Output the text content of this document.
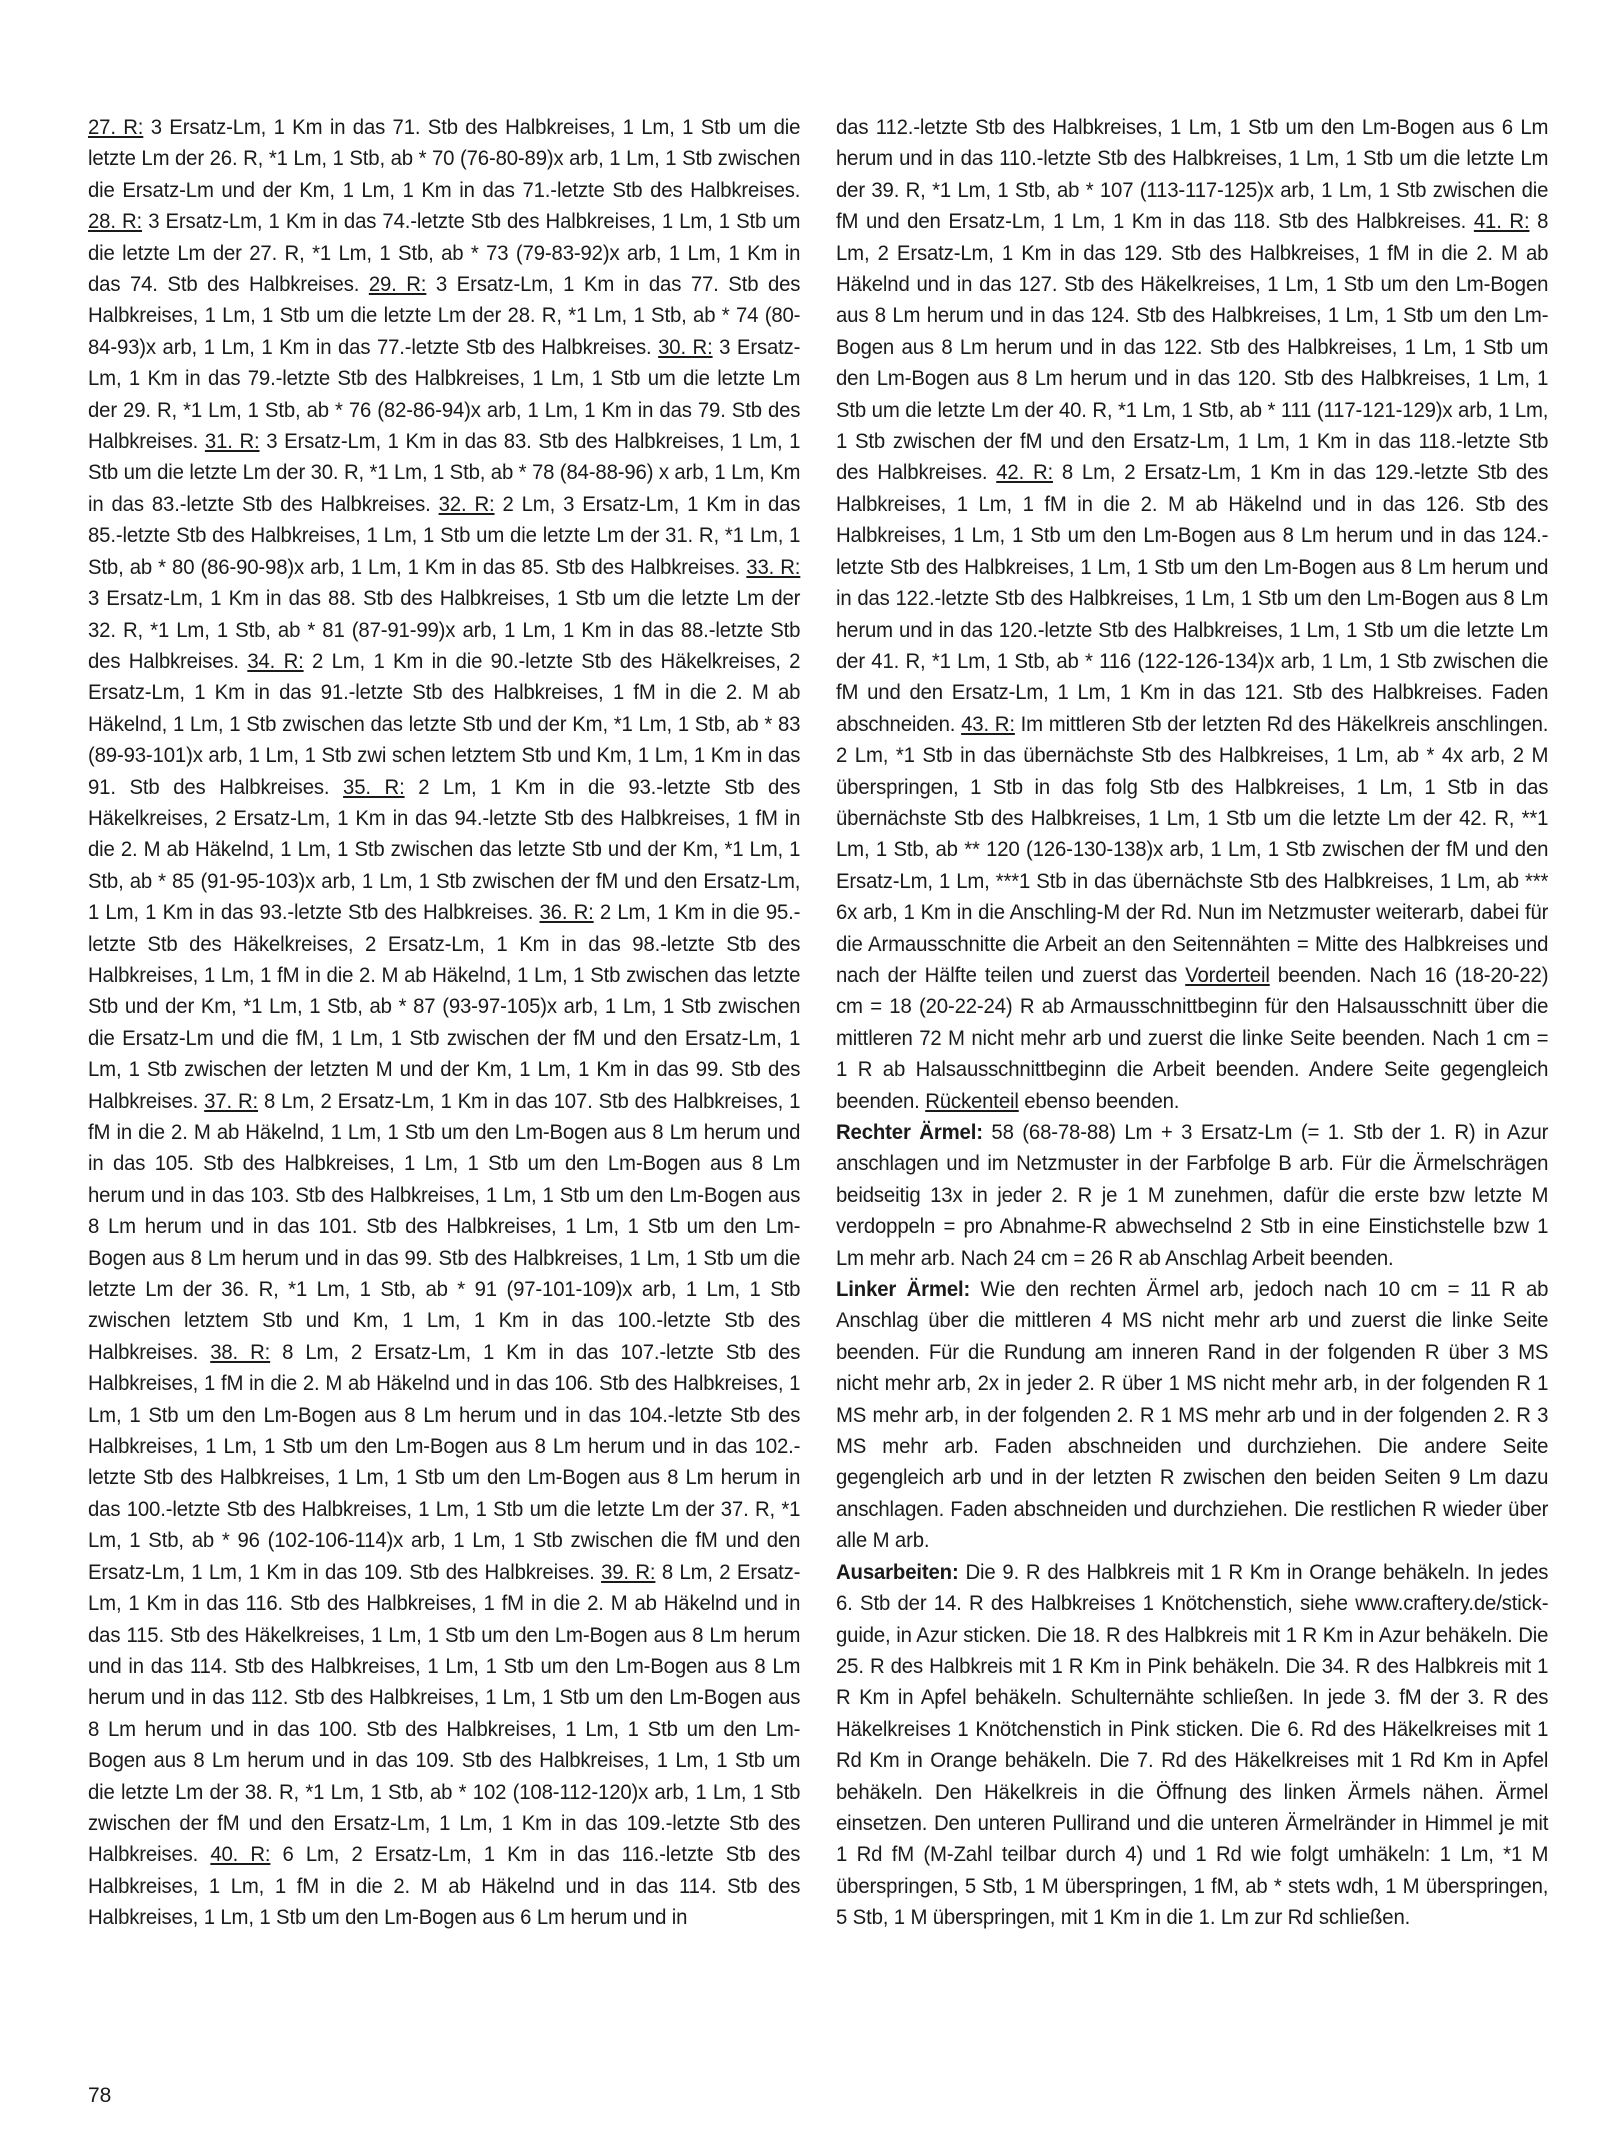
27. R: 3 Ersatz-Lm, 1 Km in das 71. Stb des Halbkreises, 1 Lm, 1 Stb um die letzte Lm der 26. R, *1 Lm, 1 Stb, ab * 70 (76-80-89)x arb, 1 Lm, 1 Stb zwischen die Ersatz-Lm und der Km, 1 Lm, 1 Km in das 71.-letzte Stb des Halbkreises. 28. R: 3 Ersatz-Lm, 1 Km in das 74.-letzte Stb des Halbkreises, 1 Lm, 1 Stb um die letzte Lm der 27. R, *1 Lm, 1 Stb, ab * 73 (79-83-92)x arb, 1 Lm, 1 Km in das 74. Stb des Halbkreises. 29. R: 3 Ersatz-Lm, 1 Km in das 77. Stb des Halbkreises, 1 Lm, 1 Stb um die letzte Lm der 28. R, *1 Lm, 1 Stb, ab * 74 (80-84-93)x arb, 1 Lm, 1 Km in das 77.-letzte Stb des Halbkreises. 30. R: 3 Ersatz-Lm, 1 Km in das 79.-letzte Stb des Halbkreises, 1 Lm, 1 Stb um die letzte Lm der 29. R, *1 Lm, 1 Stb, ab * 76 (82-86-94)x arb, 1 Lm, 1 Km in das 79. Stb des Halbkreises. 31. R: 3 Ersatz-Lm, 1 Km in das 83. Stb des Halbkreises, 1 Lm, 1 Stb um die letzte Lm der 30. R, *1 Lm, 1 Stb, ab * 78 (84-88-96) x arb, 1 Lm, Km in das 83.-letzte Stb des Halbkreises. 32. R: 2 Lm, 3 Ersatz-Lm, 1 Km in das 85.-letzte Stb des Halbkreises, 1 Lm, 1 Stb um die letzte Lm der 31. R, *1 Lm, 1 Stb, ab * 80 (86-90-98)x arb, 1 Lm, 1 Km in das 85. Stb des Halbkreises. 33. R: 3 Ersatz-Lm, 1 Km in das 88. Stb des Halbkreises, 1 Stb um die letzte Lm der 32. R, *1 Lm, 1 Stb, ab * 81 (87-91-99)x arb, 1 Lm, 1 Km in das 88.-letzte Stb des Halbkreises. 34. R: 2 Lm, 1 Km in die 90.-letzte Stb des Häkelkreises, 2 Ersatz-Lm, 1 Km in das 91.-letzte Stb des Halbkreises, 1 fM in die 2. M ab Häkelnd, 1 Lm, 1 Stb zwischen das letzte Stb und der Km, *1 Lm, 1 Stb, ab * 83 (89-93-101)x arb, 1 Lm, 1 Stb zwi schen letztem Stb und Km, 1 Lm, 1 Km in das 91. Stb des Halbkreises. 35. R: 2 Lm, 1 Km in die 93.-letzte Stb des Häkelkreises, 2 Ersatz-Lm, 1 Km in das 94.-letzte Stb des Halbkreises, 1 fM in die 2. M ab Häkelnd, 1 Lm, 1 Stb zwischen das letzte Stb und der Km, *1 Lm, 1 Stb, ab * 85 (91-95-103)x arb, 1 Lm, 1 Stb zwischen der fM und den Ersatz-Lm, 1 Lm, 1 Km in das 93.-letzte Stb des Halbkreises. 36. R: 2 Lm, 1 Km in die 95.-letzte Stb des Häkelkreises, 2 Ersatz-Lm, 1 Km in das 98.-letzte Stb des Halbkreises, 1 Lm, 1 fM in die 2. M ab Häkelnd, 1 Lm, 1 Stb zwischen das letzte Stb und der Km, *1 Lm, 1 Stb, ab * 87 (93-97-105)x arb, 1 Lm, 1 Stb zwischen die Ersatz-Lm und die fM, 1 Lm, 1 Stb zwischen der fM und den Ersatz-Lm, 1 Lm, 1 Stb zwischen der letzten M und der Km, 1 Lm, 1 Km in das 99. Stb des Halbkreises. 37. R: 8 Lm, 2 Ersatz-Lm, 1 Km in das 107. Stb des Halbkreises, 1 fM in die 2. M ab Häkelnd, 1 Lm, 1 Stb um den Lm-Bogen aus 8 Lm herum und in das 105. Stb des Halbkreises, 1 Lm, 1 Stb um den Lm-Bogen aus 8 Lm herum und in das 103. Stb des Halbkreises, 1 Lm, 1 Stb um den Lm-Bogen aus 8 Lm herum und in das 101. Stb des Halbkreises, 1 Lm, 1 Stb um den Lm-Bogen aus 8 Lm herum und in das 99. Stb des Halbkreises, 1 Lm, 1 Stb um die letzte Lm der 36. R, *1 Lm, 1 Stb, ab * 91 (97-101-109)x arb, 1 Lm, 1 Stb zwischen letztem Stb und Km, 1 Lm, 1 Km in das 100.-letzte Stb des Halbkreises. 38. R: 8 Lm, 2 Ersatz-Lm, 1 Km in das 107.-letzte Stb des Halbkreises, 1 fM in die 2. M ab Häkelnd und in das 106. Stb des Halbkreises, 1 Lm, 1 Stb um den Lm-Bogen aus 8 Lm herum und in das 104.-letzte Stb des Halbkreises, 1 Lm, 1 Stb um den Lm-Bogen aus 8 Lm herum und in das 102.-letzte Stb des Halbkreises, 1 Lm, 1 Stb um den Lm-Bogen aus 8 Lm herum in das 100.-letzte Stb des Halbkreises, 1 Lm, 1 Stb um die letzte Lm der 37. R, *1 Lm, 1 Stb, ab * 96 (102-106-114)x arb, 1 Lm, 1 Stb zwischen die fM und den Ersatz-Lm, 1 Lm, 1 Km in das 109. Stb des Halbkreises. 39. R: 8 Lm, 2 Ersatz-Lm, 1 Km in das 116. Stb des Halbkreises, 1 fM in die 2. M ab Häkelnd und in das 115. Stb des Häkelkreises, 1 Lm, 1 Stb um den Lm-Bogen aus 8 Lm herum und in das 114. Stb des Halbkreises, 1 Lm, 1 Stb um den Lm-Bogen aus 8 Lm herum und in das 112. Stb des Halbkreises, 1 Lm, 1 Stb um den Lm-Bogen aus 8 Lm herum und in das 100. Stb des Halbkreises, 1 Lm, 1 Stb um den Lm-Bogen aus 8 Lm herum und in das 109. Stb des Halbkreises, 1 Lm, 1 Stb um die letzte Lm der 38. R, *1 Lm, 1 Stb, ab * 102 (108-112-120)x arb, 1 Lm, 1 Stb zwischen der fM und den Ersatz-Lm, 1 Lm, 1 Km in das 109.-letzte Stb des Halbkreises. 40. R: 6 Lm, 2 Ersatz-Lm, 1 Km in das 116.-letzte Stb des Halbkreises, 1 Lm, 1 fM in die 2. M ab Häkelnd und in das 114. Stb des Halbkreises, 1 Lm, 1 Stb um den Lm-Bogen aus 6 Lm herum und in

das 112.-letzte Stb des Halbkreises, 1 Lm, 1 Stb um den Lm-Bogen aus 6 Lm herum und in das 110.-letzte Stb des Halbkreises, 1 Lm, 1 Stb um die letzte Lm der 39. R, *1 Lm, 1 Stb, ab * 107 (113-117-125)x arb, 1 Lm, 1 Stb zwischen die fM und den Ersatz-Lm, 1 Lm, 1 Km in das 118. Stb des Halbkreises. 41. R: 8 Lm, 2 Ersatz-Lm, 1 Km in das 129. Stb des Halbkreises, 1 fM in die 2. M ab Häkelnd und in das 127. Stb des Häkelkreises, 1 Lm, 1 Stb um den Lm-Bogen aus 8 Lm herum und in das 124. Stb des Halbkreises, 1 Lm, 1 Stb um den Lm-Bogen aus 8 Lm herum und in das 122. Stb des Halbkreises, 1 Lm, 1 Stb um den Lm-Bogen aus 8 Lm herum und in das 120. Stb des Halbkreises, 1 Lm, 1 Stb um die letzte Lm der 40. R, *1 Lm, 1 Stb, ab * 111 (117-121-129)x arb, 1 Lm, 1 Stb zwischen der fM und den Ersatz-Lm, 1 Lm, 1 Km in das 118.-letzte Stb des Halbkreises. 42. R: 8 Lm, 2 Ersatz-Lm, 1 Km in das 129.-letzte Stb des Halbkreises, 1 Lm, 1 fM in die 2. M ab Häkelnd und in das 126. Stb des Halbkreises, 1 Lm, 1 Stb um den Lm-Bogen aus 8 Lm herum und in das 124.-letzte Stb des Halbkreises, 1 Lm, 1 Stb um den Lm-Bogen aus 8 Lm herum und in das 122.-letzte Stb des Halbkreises, 1 Lm, 1 Stb um den Lm-Bogen aus 8 Lm herum und in das 120.-letzte Stb des Halbkreises, 1 Lm, 1 Stb um die letzte Lm der 41. R, *1 Lm, 1 Stb, ab * 116 (122-126-134)x arb, 1 Lm, 1 Stb zwischen die fM und den Ersatz-Lm, 1 Lm, 1 Km in das 121. Stb des Halbkreises. Faden abschneiden. 43. R: Im mittleren Stb der letzten Rd des Häkelkreis anschlingen. 2 Lm, *1 Stb in das übernächste Stb des Halbkreises, 1 Lm, ab * 4x arb, 2 M überspringen, 1 Stb in das folg Stb des Halbkreises, 1 Lm, 1 Stb in das übernächste Stb des Halbkreises, 1 Lm, 1 Stb um die letzte Lm der 42. R, **1 Lm, 1 Stb, ab ** 120 (126-130-138)x arb, 1 Lm, 1 Stb zwischen der fM und den Ersatz-Lm, 1 Lm, ***1 Stb in das übernächste Stb des Halbkreises, 1 Lm, ab *** 6x arb, 1 Km in die Anschling-M der Rd. Nun im Netzmuster weiterarb, dabei für die Armausschnitte die Arbeit an den Seitennähten = Mitte des Halbkreises und nach der Hälfte teilen und zuerst das Vorderteil beenden. Nach 16 (18-20-22) cm = 18 (20-22-24) R ab Armausschnittbeginn für den Halsausschnitt über die mittleren 72 M nicht mehr arb und zuerst die linke Seite beenden. Nach 1 cm = 1 R ab Halsausschnittbeginn die Arbeit beenden. Andere Seite gegengleich beenden. Rückenteil ebenso beenden.

Rechter Ärmel: 58 (68-78-88) Lm + 3 Ersatz-Lm (= 1. Stb der 1. R) in Azur anschlagen und im Netzmuster in der Farbfolge B arb. Für die Ärmelschrägen beidseitig 13x in jeder 2. R je 1 M zunehmen, dafür die erste bzw letzte M verdoppeln = pro Abnahme-R abwechselnd 2 Stb in eine Einstichstelle bzw 1 Lm mehr arb. Nach 24 cm = 26 R ab Anschlag Arbeit beenden.

Linker Ärmel: Wie den rechten Ärmel arb, jedoch nach 10 cm = 11 R ab Anschlag über die mittleren 4 MS nicht mehr arb und zuerst die linke Seite beenden. Für die Rundung am inneren Rand in der folgenden R über 3 MS nicht mehr arb, 2x in jeder 2. R über 1 MS nicht mehr arb, in der folgenden R 1 MS mehr arb, in der folgenden 2. R 1 MS mehr arb und in der folgenden 2. R 3 MS mehr arb. Faden abschneiden und durchziehen. Die andere Seite gegengleich arb und in der letzten R zwischen den beiden Seiten 9 Lm dazu anschlagen. Faden abschneiden und durchziehen. Die restlichen R wieder über alle M arb.

Ausarbeiten: Die 9. R des Halbkreis mit 1 R Km in Orange behäkeln. In jedes 6. Stb der 14. R des Halbkreises 1 Knötchenstich, siehe www.craftery.de/stick-guide, in Azur sticken. Die 18. R des Halbkreis mit 1 R Km in Azur behäkeln. Die 25. R des Halbkreis mit 1 R Km in Pink behäkeln. Die 34. R des Halbkreis mit 1 R Km in Apfel behäkeln. Schulternähte schließen. In jede 3. fM der 3. R des Häkelkreises 1 Knötchenstich in Pink sticken. Die 6. Rd des Häkelkreises mit 1 Rd Km in Orange behäkeln. Die 7. Rd des Häkelkreises mit 1 Rd Km in Apfel behäkeln. Den Häkelkreis in die Öffnung des linken Ärmels nähen. Ärmel einsetzen. Den unteren Pullirand und die unteren Ärmelränder in Himmel je mit 1 Rd fM (M-Zahl teilbar durch 4) und 1 Rd wie folgt umhäkeln: 1 Lm, *1 M überspringen, 5 Stb, 1 M überspringen, 1 fM, ab * stets wdh, 1 M überspringen, 5 Stb, 1 M überspringen, mit 1 Km in die 1. Lm zur Rd schließen.

78
